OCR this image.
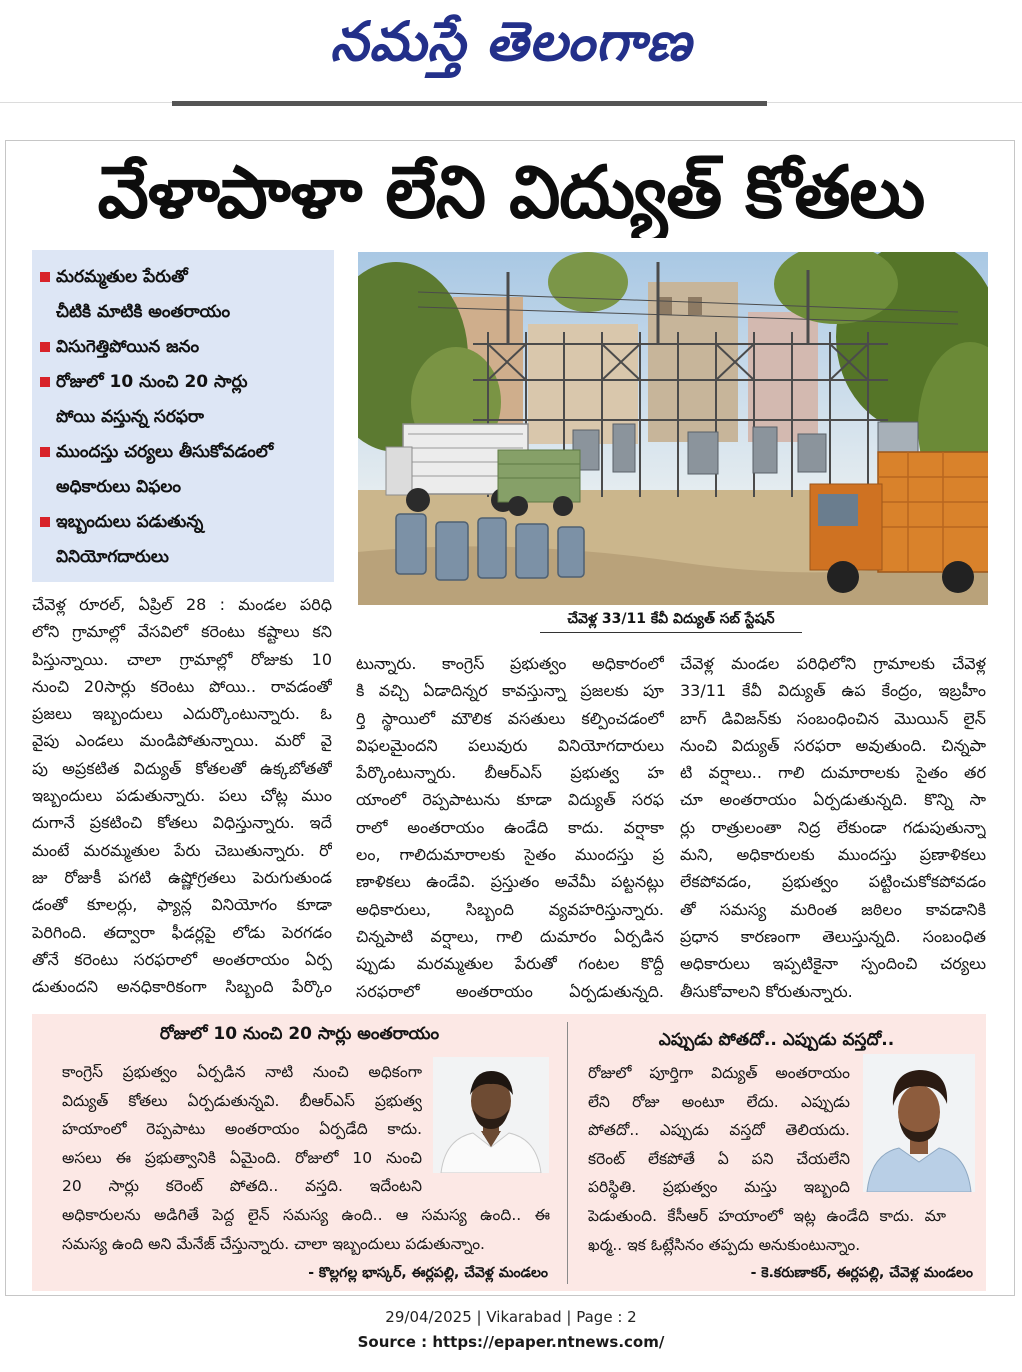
నమస్తే తెలంగాణ
వేళాపాళా లేని విద్యుత్ కోతలు
మరమ్మతుల పేరుతో
చీటికి మాటికి అంతరాయం
విసుగెత్తిపోయిన జనం
రోజులో 10 నుంచి 20 సార్లు
పోయి వస్తున్న సరఫరా
ముందస్తు చర్యలు తీసుకోవడంలో
అధికారులు విఫలం
ఇబ్బందులు పడుతున్న
వినియోగదారులు
చేవెళ్ల 33/11 కేవీ విద్యుత్ సబ్ స్టేషన్
చేవెళ్ల రూరల్, ఏప్రిల్ 28 : మండల పరిధి
లోని గ్రామాల్లో వేసవిలో కరెంటు కష్టాలు కని
పిస్తున్నాయి. చాలా గ్రామాల్లో రోజుకు 10
నుంచి 20సార్లు కరెంటు పోయి.. రావడంతో
ప్రజలు ఇబ్బందులు ఎదుర్కొంటున్నారు. ఓ
వైపు ఎండలు మండిపోతున్నాయి. మరో వై
పు అప్రకటిత విద్యుత్ కోతలతో ఉక్కబోతతో
ఇబ్బందులు పడుతున్నారు. పలు చోట్ల ముం
దుగానే ప్రకటించి కోతలు విధిస్తున్నారు. ఇదే
మంటే మరమ్మతుల పేరు చెబుతున్నారు. రో
జు రోజుకీ పగటి ఉష్ణోగ్రతలు పెరుగుతుండ
డంతో కూలర్లు, ఫ్యాన్ల వినియోగం కూడా
పెరిగింది. తద్వారా ఫీడర్లపై లోడు పెరగడం
తోనే కరెంటు సరఫరాలో అంతరాయం ఏర్ప
డుతుందని అనధికారికంగా సిబ్బంది పేర్కొం
టున్నారు. కాంగ్రెస్ ప్రభుత్వం అధికారంలో
కి వచ్చి ఏడాదిన్నర కావస్తున్నా ప్రజలకు పూ
ర్తి స్థాయిలో మౌలిక వసతులు కల్పించడంలో
విఫలమైందని పలువురు వినియోగదారులు
పేర్కొంటున్నారు. బీఆర్ఎస్ ప్రభుత్వ హ
యాంలో రెప్పపాటును కూడా విద్యుత్ సరఫ
రాలో అంతరాయం ఉండేది కాదు. వర్షాకా
లం, గాలిదుమారాలకు సైతం ముందస్తు ప్ర
ణాళికలు ఉండేవి. ప్రస్తుతం అవేమీ పట్టనట్లు
అధికారులు, సిబ్బంది వ్యవహరిస్తున్నారు.
చిన్నపాటి వర్షాలు, గాలి దుమారం ఏర్పడిన
ప్పుడు మరమ్మతుల పేరుతో గంటల కొద్దీ
సరఫరాలో అంతరాయం ఏర్పడుతున్నది.
చేవెళ్ల మండల పరిధిలోని గ్రామాలకు చేవెళ్ల
33/11 కేవీ విద్యుత్ ఉప కేంద్రం, ఇబ్రహీం
బాగ్ డివిజన్‌కు సంబంధించిన మొయిన్ లైన్
నుంచి విద్యుత్ సరఫరా అవుతుంది. చిన్నపా
టి వర్షాలు.. గాలి దుమారాలకు సైతం తర
చూ అంతరాయం ఏర్పడుతున్నది. కొన్ని సా
ర్లు రాత్రులంతా నిద్ర లేకుండా గడుపుతున్నా
మని, అధికారులకు ముందస్తు ప్రణాళికలు
లేకపోవడం, ప్రభుత్వం పట్టించుకోకపోవడం
తో సమస్య మరింత జఠిలం కావడానికి
ప్రధాన కారణంగా తెలుస్తున్నది. సంబంధిత
అధికారులు ఇప్పటికైనా స్పందించి చర్యలు
తీసుకోవాలని కోరుతున్నారు.
రోజులో 10 నుంచి 20 సార్లు అంతరాయం
కాంగ్రెస్ ప్రభుత్వం ఏర్పడిన నాటి నుంచి అధికంగా
విద్యుత్ కోతలు ఏర్పడుతున్నవి. బీఆర్ఎస్ ప్రభుత్వ
హయాంలో రెప్పపాటు అంతరాయం ఏర్పడేది కాదు.
అసలు ఈ ప్రభుత్వానికి ఏమైంది. రోజులో 10 నుంచి
20 సార్లు కరెంట్ పోతది.. వస్తది. ఇదేంటని
అధికారులను అడిగితే పెద్ద లైన్ సమస్య ఉంది.. ఆ సమస్య ఉంది.. ఈ
సమస్య ఉంది అని మేనేజ్ చేస్తున్నారు. చాలా ఇబ్బందులు పడుతున్నాం.
- కొల్లగల్ల భాస్కర్, ఈర్లపల్లి, చేవెళ్ల మండలం
ఎప్పుడు పోతదో.. ఎప్పుడు వస్తదో..
రోజులో పూర్తిగా విద్యుత్ అంతరాయం
లేని రోజు అంటూ లేదు. ఎప్పుడు
పోతదో.. ఎప్పుడు వస్తదో తెలియదు.
కరెంట్ లేకపోతే ఏ పని చేయలేని
పరిస్థితి. ప్రభుత్వం మస్తు ఇబ్బంది
పెడుతుంది. కేసీఆర్ హయాంలో ఇట్ల ఉండేది కాదు. మా
ఖర్మ.. ఇక ఓట్లేసినం తప్పదు అనుకుంటున్నాం.
- కె.కరుణాకర్, ఈర్లపల్లి, చేవెళ్ల మండలం
29/04/2025 | Vikarabad | Page : 2
Source : https://epaper.ntnews.com/
